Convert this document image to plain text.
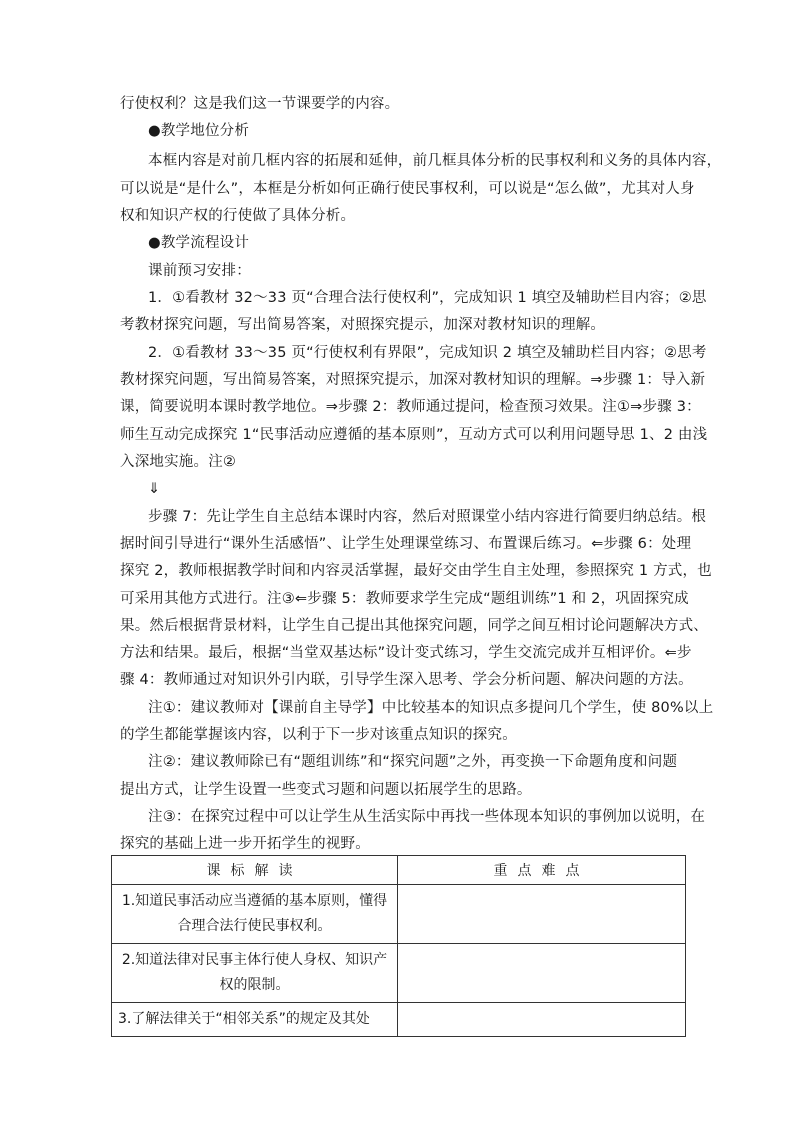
行使权利？这是我们这一节课要学的内容。
●教学地位分析
本框内容是对前几框内容的拓展和延伸，前几框具体分析的民事权利和义务的具体内容，
可以说是“是什么”，本框是分析如何正确行使民事权利，可以说是“怎么做”，尤其对人身
权和知识产权的行使做了具体分析。
●教学流程设计
课前预习安排：
1．①看教材 32～33 页“合理合法行使权利”，完成知识 1 填空及辅助栏目内容；②思
考教材探究问题，写出简易答案，对照探究提示，加深对教材知识的理解。
2．①看教材 33～35 页“行使权利有界限”，完成知识 2 填空及辅助栏目内容；②思考
教材探究问题，写出简易答案，对照探究提示，加深对教材知识的理解。⇒步骤 1：导入新
课，简要说明本课时教学地位。⇒步骤 2：教师通过提问，检查预习效果。注①⇒步骤 3：
师生互动完成探究 1“民事活动应遵循的基本原则”，互动方式可以利用问题导思 1、2 由浅
入深地实施。注②
⇓
步骤 7：先让学生自主总结本课时内容，然后对照课堂小结内容进行简要归纳总结。根
据时间引导进行“课外生活感悟”、让学生处理课堂练习、布置课后练习。⇐步骤 6：处理
探究 2，教师根据教学时间和内容灵活掌握，最好交由学生自主处理，参照探究 1 方式，也
可采用其他方式进行。注③⇐步骤 5：教师要求学生完成“题组训练”1 和 2，巩固探究成
果。然后根据背景材料，让学生自己提出其他探究问题，同学之间互相讨论问题解决方式、
方法和结果。最后，根据“当堂双基达标”设计变式练习，学生交流完成并互相评价。⇐步
骤 4：教师通过对知识外引内联，引导学生深入思考、学会分析问题、解决问题的方法。
注①：建议教师对【课前自主导学】中比较基本的知识点多提问几个学生，使 80%以上
的学生都能掌握该内容，以利于下一步对该重点知识的探究。
注②：建议教师除已有“题组训练”和“探究问题”之外，再变换一下命题角度和问题
提出方式，让学生设置一些变式习题和问题以拓展学生的思路。
注③：在探究过程中可以让学生从生活实际中再找一些体现本知识的事例加以说明，在
探究的基础上进一步开拓学生的视野。
课标解读	重点难点

1.知道民事活动应当遵循的基本原则，懂得合理合法行使民事权利。	

2.知道法律对民事主体行使人身权、知识产权的限制。	

3.了解法律关于“相邻关系”的规定及其处	
